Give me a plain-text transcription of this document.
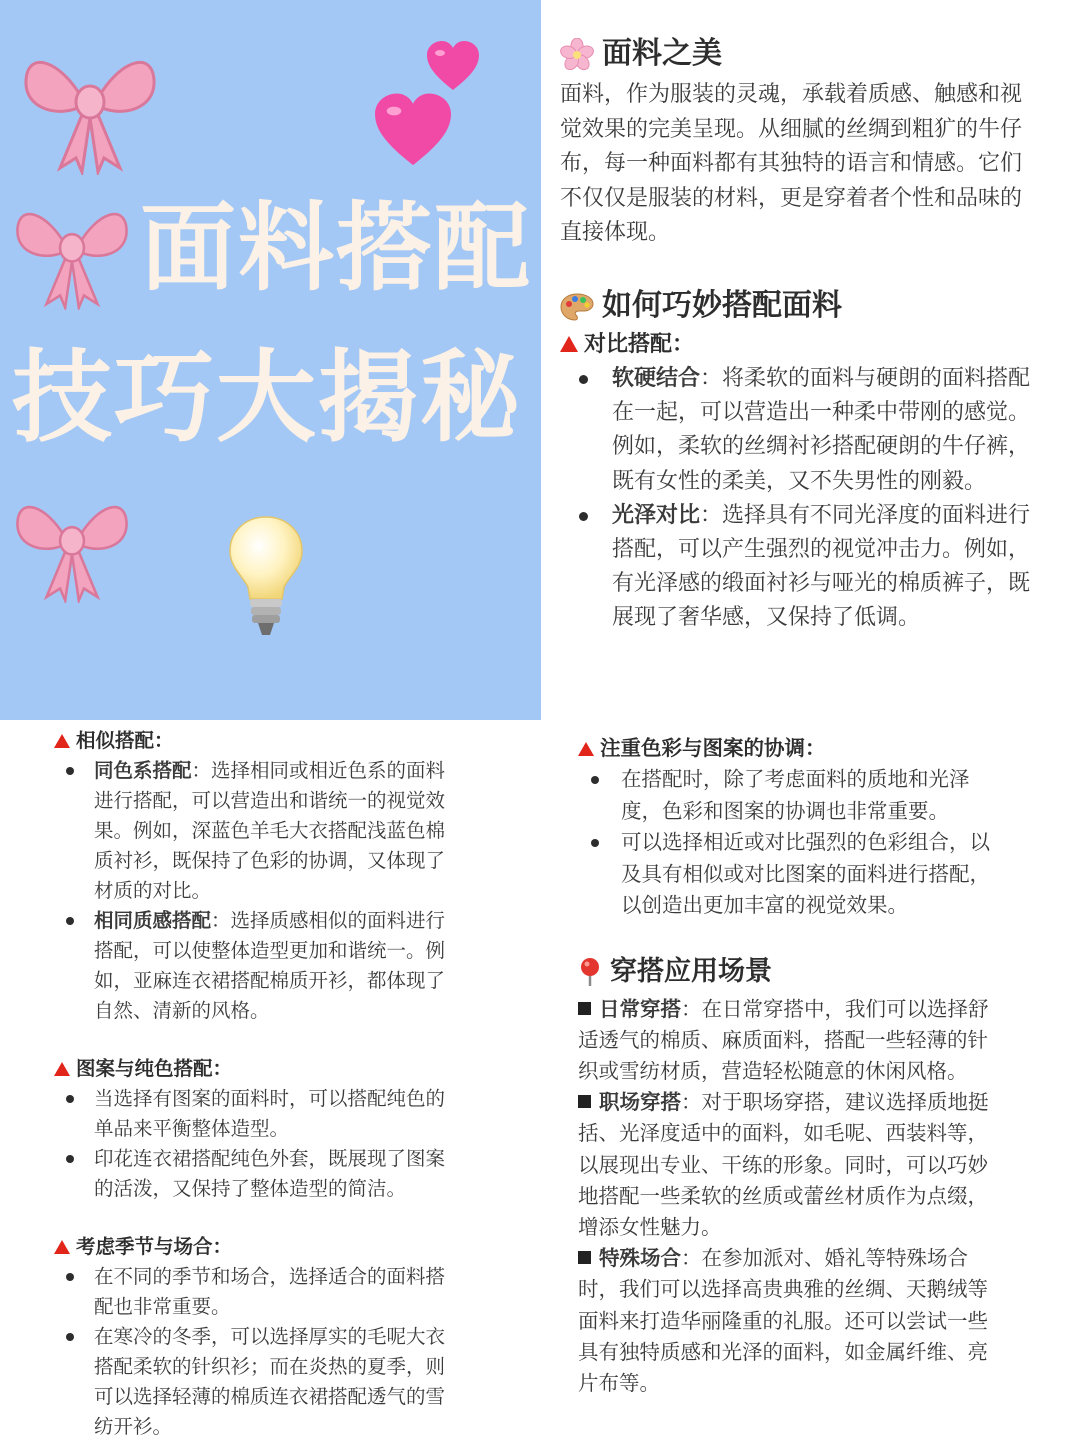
面料搭配
技巧大揭秘
面料之美
面料，作为服装的灵魂，承载着质感、触感和视觉效果的完美呈现。从细腻的丝绸到粗犷的牛仔布，每一种面料都有其独特的语言和情感。它们不仅仅是服装的材料，更是穿着者个性和品味的直接体现。
如何巧妙搭配面料
对比搭配：
软硬结合：将柔软的面料与硬朗的面料搭配在一起，可以营造出一种柔中带刚的感觉。例如，柔软的丝绸衬衫搭配硬朗的牛仔裤，既有女性的柔美，又不失男性的刚毅。
光泽对比：选择具有不同光泽度的面料进行搭配，可以产生强烈的视觉冲击力。例如，有光泽感的缎面衬衫与哑光的棉质裤子，既展现了奢华感，又保持了低调。
相似搭配：
同色系搭配：选择相同或相近色系的面料进行搭配，可以营造出和谐统一的视觉效果。例如，深蓝色羊毛大衣搭配浅蓝色棉质衬衫，既保持了色彩的协调，又体现了材质的对比。
相同质感搭配：选择质感相似的面料进行搭配，可以使整体造型更加和谐统一。例如，亚麻连衣裙搭配棉质开衫，都体现了自然、清新的风格。
图案与纯色搭配：
当选择有图案的面料时，可以搭配纯色的单品来平衡整体造型。
印花连衣裙搭配纯色外套，既展现了图案的活泼，又保持了整体造型的简洁。
考虑季节与场合：
在不同的季节和场合，选择适合的面料搭配也非常重要。
在寒冷的冬季，可以选择厚实的毛呢大衣搭配柔软的针织衫；而在炎热的夏季，则可以选择轻薄的棉质连衣裙搭配透气的雪纺开衫。
注重色彩与图案的协调：
在搭配时，除了考虑面料的质地和光泽度，色彩和图案的协调也非常重要。
可以选择相近或对比强烈的色彩组合，以及具有相似或对比图案的面料进行搭配，以创造出更加丰富的视觉效果。
穿搭应用场景
日常穿搭：在日常穿搭中，我们可以选择舒适透气的棉质、麻质面料，搭配一些轻薄的针织或雪纺材质，营造轻松随意的休闲风格。
职场穿搭：对于职场穿搭，建议选择质地挺括、光泽度适中的面料，如毛呢、西装料等，以展现出专业、干练的形象。同时，可以巧妙地搭配一些柔软的丝质或蕾丝材质作为点缀，增添女性魅力。
特殊场合：在参加派对、婚礼等特殊场合时，我们可以选择高贵典雅的丝绸、天鹅绒等面料来打造华丽隆重的礼服。还可以尝试一些具有独特质感和光泽的面料，如金属纤维、亮片布等。
